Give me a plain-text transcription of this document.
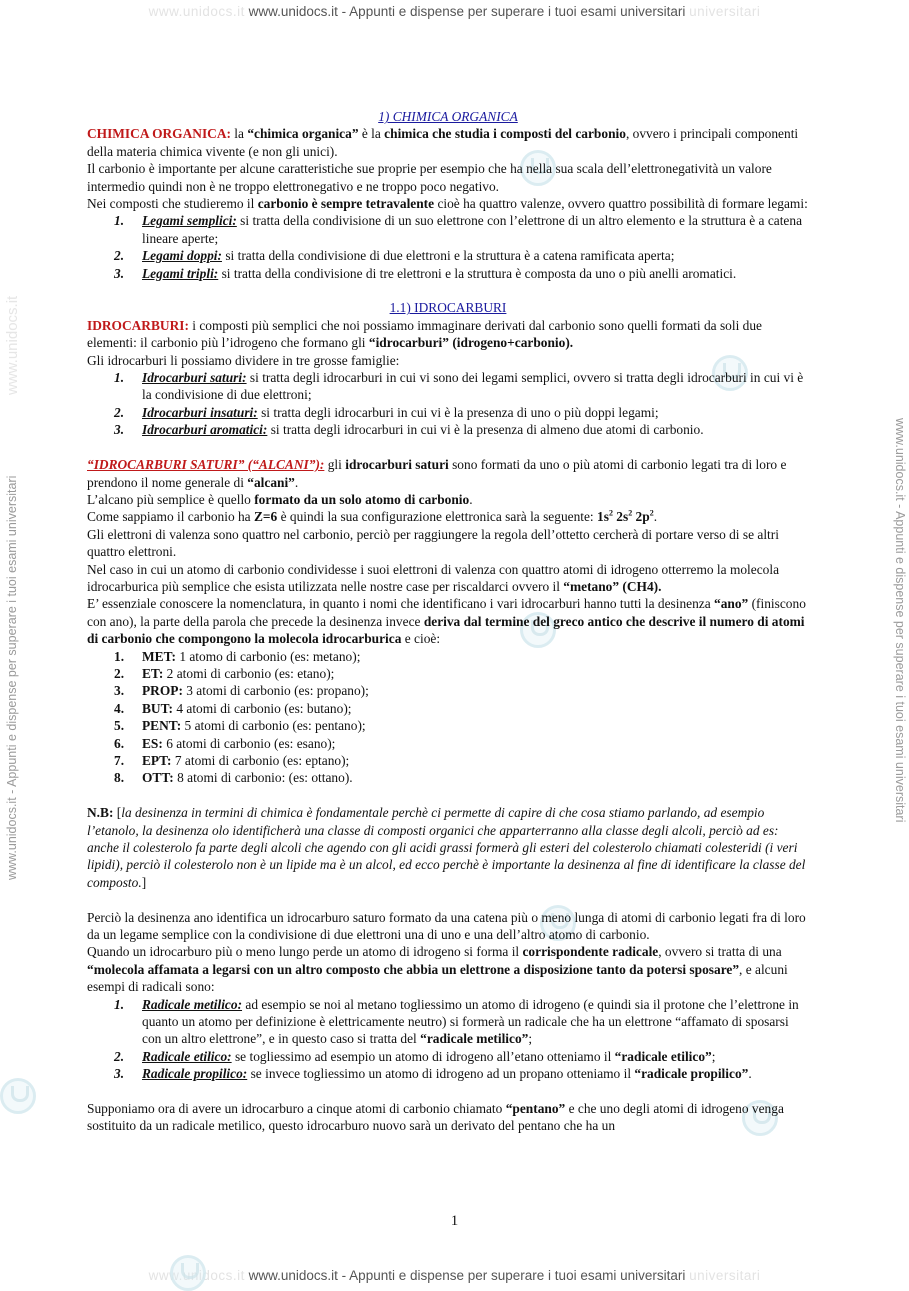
www.unidocs.it www.unidocs.it - Appunti e dispense per superare i tuoi esami universitari universitari
www.unidocs.it www.unidocs.it - Appunti e dispense per superare i tuoi esami universitari universitari
www.unidocs.it - Appunti e dispense per superare i tuoi esami universitari	www.unidocs.it - Appunti e dispense per superare i tuoi esami universitari
www.unidocs.it

1) CHIMICA ORGANICA

CHIMICA ORGANICA: la “chimica organica” è la chimica che studia i composti del carbonio, ovvero i principali componenti della materia chimica vivente (e non gli unici).

Il carbonio è importante per alcune caratteristiche sue proprie per esempio che ha nella sua scala dell’elettronegatività un valore intermedio quindi non è ne troppo elettronegativo e ne troppo poco negativo.

Nei composti che studieremo il carbonio è sempre tetravalente cioè ha quattro valenze, ovvero quattro possibilità di formare legami:

1. Legami semplici: si tratta della condivisione di un suo elettrone con l’elettrone di un altro elemento e la struttura è a catena lineare aperte;
2. Legami doppi: si tratta della condivisione di due elettroni e la struttura è a catena ramificata aperta;
3. Legami tripli: si tratta della condivisione di tre elettroni e la struttura è composta da uno o più anelli aromatici.

1.1) IDROCARBURI

IDROCARBURI: i composti più semplici che noi possiamo immaginare derivati dal carbonio sono quelli formati da soli due elementi: il carbonio più l’idrogeno che formano gli “idrocarburi” (idrogeno+carbonio).

Gli idrocarburi li possiamo dividere in tre grosse famiglie:

1. Idrocarburi saturi: si tratta degli idrocarburi in cui vi sono dei legami semplici, ovvero si tratta degli idrocarburi in cui vi è la condivisione di due elettroni;
2. Idrocarburi insaturi: si tratta degli idrocarburi in cui vi è la presenza di uno o più doppi legami;
3. Idrocarburi aromatici: si tratta degli idrocarburi in cui vi è la presenza di almeno due atomi di carbonio.

“IDROCARBURI SATURI” (“ALCANI”): gli idrocarburi saturi sono formati da uno o più atomi di carbonio legati tra di loro e prendono il nome generale di “alcani”.

L’alcano più semplice è quello formato da un solo atomo di carbonio.

Come sappiamo il carbonio ha Z=6 è quindi la sua configurazione elettronica sarà la seguente: $1s^2$ $2s^2$ $2p^2$.

Gli elettroni di valenza sono quattro nel carbonio, perciò per raggiungere la regola dell’ottetto cercherà di portare verso di se altri quattro elettroni.

Nel caso in cui un atomo di carbonio condividesse i suoi elettroni di valenza con quattro atomi di idrogeno otterremo la molecola idrocarburica più semplice che esista utilizzata nelle nostre case per riscaldarci ovvero il “metano” (CH4).

E’ essenziale conoscere la nomenclatura, in quanto i nomi che identificano i vari idrocarburi hanno tutti la desinenza “ano” (finiscono con ano), la parte della parola che precede la desinenza invece deriva dal termine del greco antico che descrive il numero di atomi di carbonio che compongono la molecola idrocarburica e cioè:

1. MET: 1 atomo di carbonio (es: metano);
2. ET: 2 atomi di carbonio (es: etano);
3. PROP: 3 atomi di carbonio (es: propano);
4. BUT: 4 atomi di carbonio (es: butano);
5. PENT: 5 atomi di carbonio (es: pentano);
6. ES: 6 atomi di carbonio (es: esano);
7. EPT: 7 atomi di carbonio (es: eptano);
8. OTT: 8 atomi di carbonio: (es: ottano).

N.B: [la desinenza in termini di chimica è fondamentale perchè ci permette di capire di che cosa stiamo parlando, ad esempio l’etanolo, la desinenza olo identificherà una classe di composti organici che apparterranno alla classe degli alcoli, perciò ad es: anche il colesterolo fa parte degli alcoli che agendo con gli acidi grassi formerà gli esteri del colesterolo chiamati colesteridi (i veri lipidi), perciò il colesterolo non è un lipide ma è un alcol, ed ecco perchè è importante la desinenza al fine di identificare la classe del composto.]

Perciò la desinenza ano identifica un idrocarburo saturo formato da una catena più o meno lunga di atomi di carbonio legati fra di loro da un legame semplice con la condivisione di due elettroni una di uno e una dell’altro atomo di carbonio.

Quando un idrocarburo più o meno lungo perde un atomo di idrogeno si forma il corrispondente radicale, ovvero si tratta di una “molecola affamata a legarsi con un altro composto che abbia un elettrone a disposizione tanto da potersi sposare”, e alcuni esempi di radicali sono:

1. Radicale metilico: ad esempio se noi al metano togliessimo un atomo di idrogeno (e quindi sia il protone che l’elettrone in quanto un atomo per definizione è elettricamente neutro) si formerà un radicale che ha un elettrone “affamato di sposarsi con un altro elettrone”, e in questo caso si tratta del “radicale metilico”;
2. Radicale etilico: se togliessimo ad esempio un atomo di idrogeno all’etano otteniamo il “radicale etilico”;
3. Radicale propilico: se invece togliessimo un atomo di idrogeno ad un propano otteniamo il “radicale propilico”.

Supponiamo ora di avere un idrocarburo a cinque atomi di carbonio chiamato “pentano” e che uno degli atomi di idrogeno venga sostituito da un radicale metilico, questo idrocarburo nuovo sarà un derivato del pentano che ha un

1
